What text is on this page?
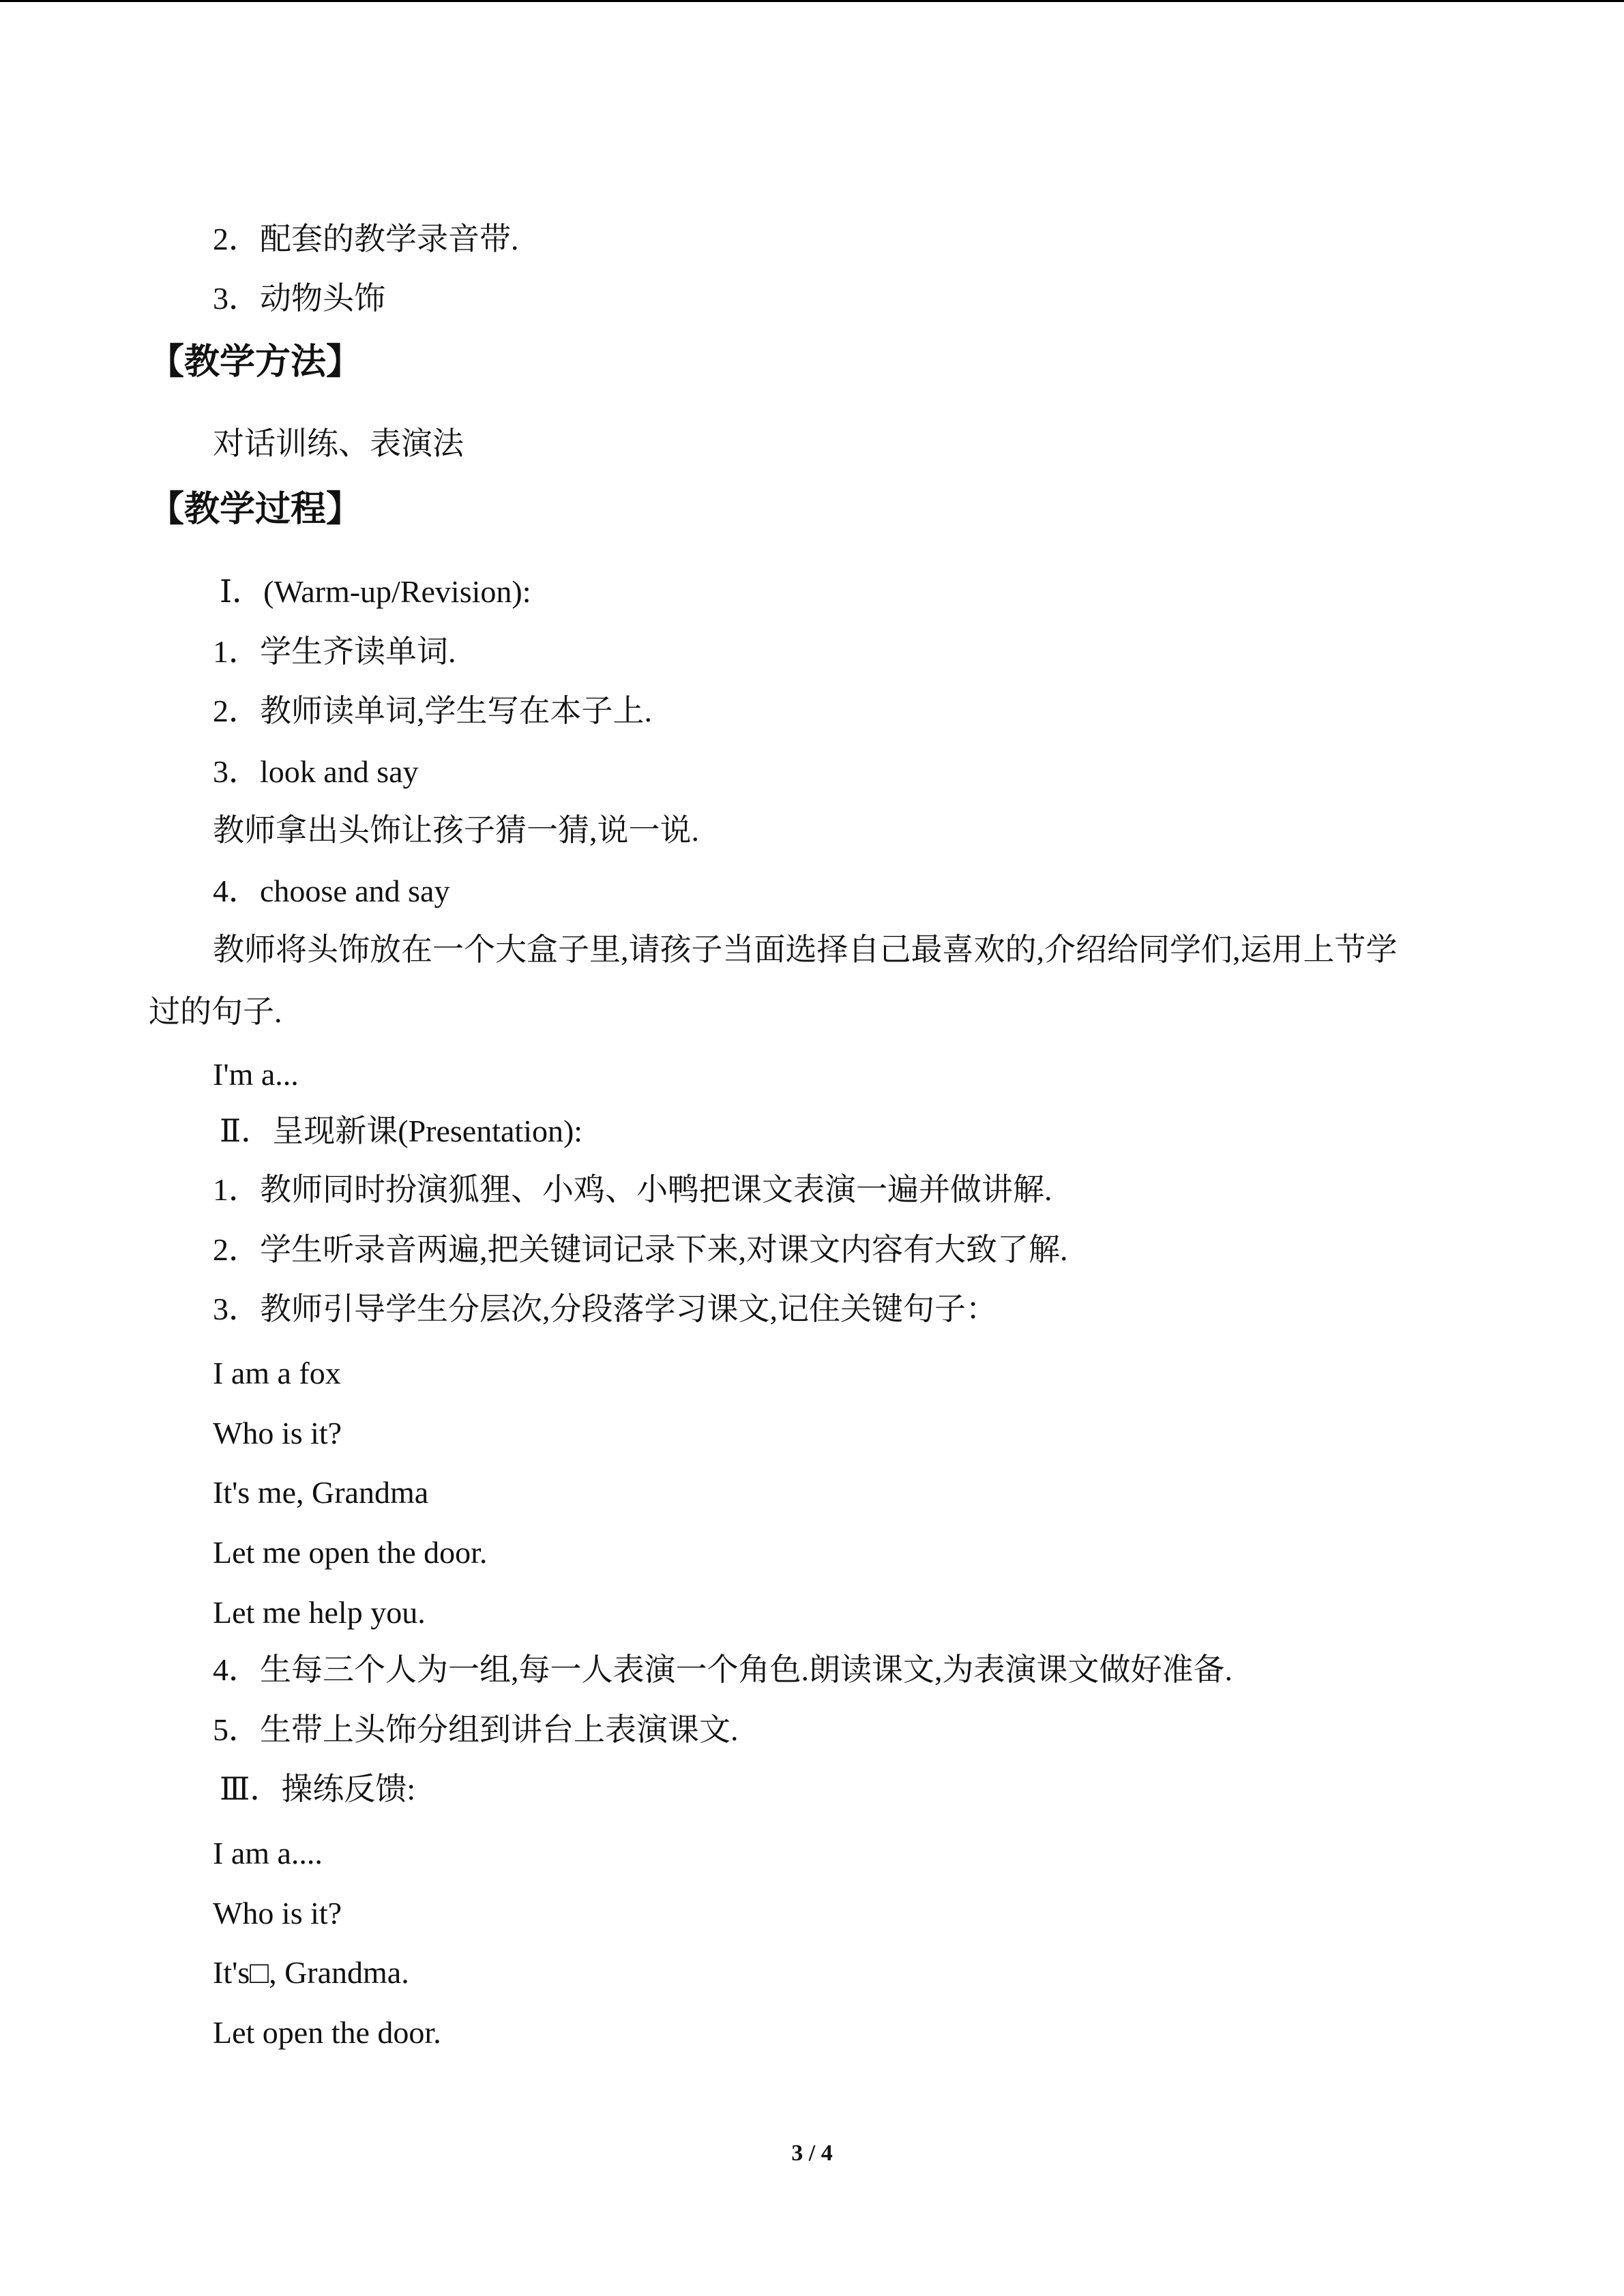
2．配套的教学录音带.
3．动物头饰
【教学方法】
对话训练、表演法
【教学过程】
Ⅰ．(Warm-up/Revision):
1．学生齐读单词.
2．教师读单词,学生写在本子上.
3．look and say
教师拿出头饰让孩子猜一猜,说一说.
4．choose and say
教师将头饰放在一个大盒子里,请孩子当面选择自己最喜欢的,介绍给同学们,运用上节学
过的句子.
I'm a...
Ⅱ．呈现新课(Presentation):
1．教师同时扮演狐狸、小鸡、小鸭把课文表演一遍并做讲解.
2．学生听录音两遍,把关键词记录下来,对课文内容有大致了解.
3．教师引导学生分层次,分段落学习课文,记住关键句子：
I am a fox
Who is it?
It's me, Grandma
Let me open the door.
Let me help you.
4．生每三个人为一组,每一人表演一个角色.朗读课文,为表演课文做好准备.
5．生带上头饰分组到讲台上表演课文.
Ⅲ．操练反馈:
I am a....
Who is it?
It's□, Grandma.
Let open the door.
3 / 4
